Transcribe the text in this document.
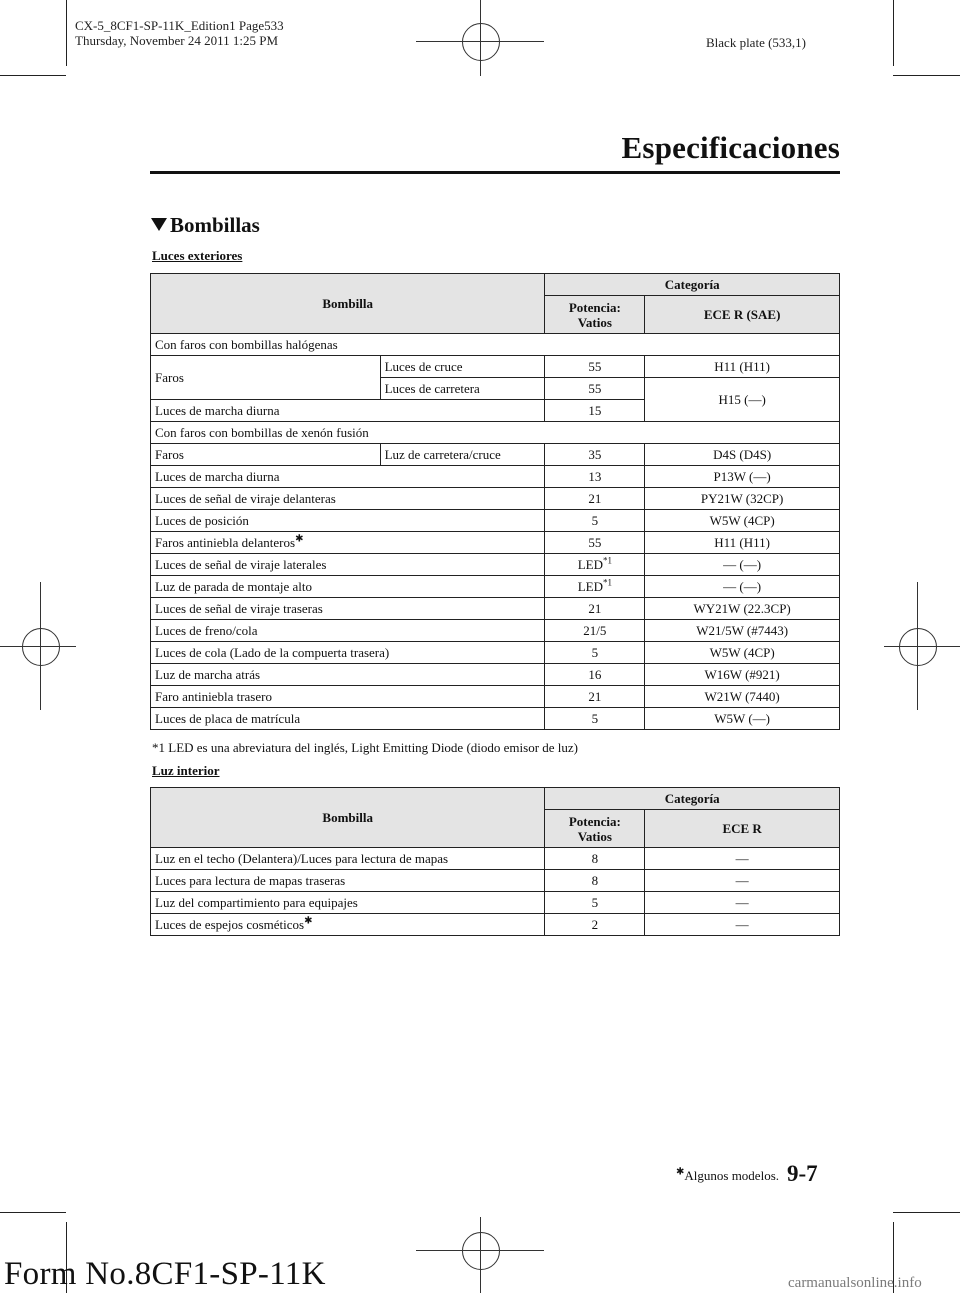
CX-5_8CF1-SP-11K_Edition1 Page533
Thursday, November 24 2011 1:25 PM	Black plate (533,1)
Especificaciones
Bombillas
Luces exteriores
Bombilla		Categoría	
		Potencia:
Vatios	ECE R (SAE)
Con faros con bombillas halógenas			
Faros	Luces de cruce	55	H11 (H11)
	Luces de carretera	55	H15 (―)
Luces de marcha diurna		15	
Con faros con bombillas de xenón fusión			
Faros	Luz de carretera/cruce	35	D4S (D4S)
Luces de marcha diurna		13	P13W (―)
Luces de señal de viraje delanteras		21	PY21W (32CP)
Luces de posición		5	W5W (4CP)
Faros antiniebla delanteros✱		55	H11 (H11)
Luces de señal de viraje laterales		LED$^{*1}$	― (―)
Luz de parada de montaje alto		LED$^{*1}$	― (―)
Luces de señal de viraje traseras		21	WY21W (22.3CP)
Luces de freno/cola		21/5	W21/5W (#7443)
Luces de cola (Lado de la compuerta trasera)		5	W5W (4CP)
Luz de marcha atrás		16	W16W (#921)
Faro antiniebla trasero		21	W21W (7440)
Luces de placa de matrícula		5	W5W (―)
*1 LED es una abreviatura del inglés, Light Emitting Diode (diodo emisor de luz)
Luz interior
Bombilla	Categoría	
	Potencia:
Vatios	ECE R
Luz en el techo (Delantera)/Luces para lectura de mapas	8	―
Luces para lectura de mapas traseras	8	―
Luz del compartimiento para equipajes	5	―
Luces de espejos cosméticos✱	2	―
✱Algunos modelos. 9-7
Form No.8CF1-SP-11K	carmanualsonline.info
